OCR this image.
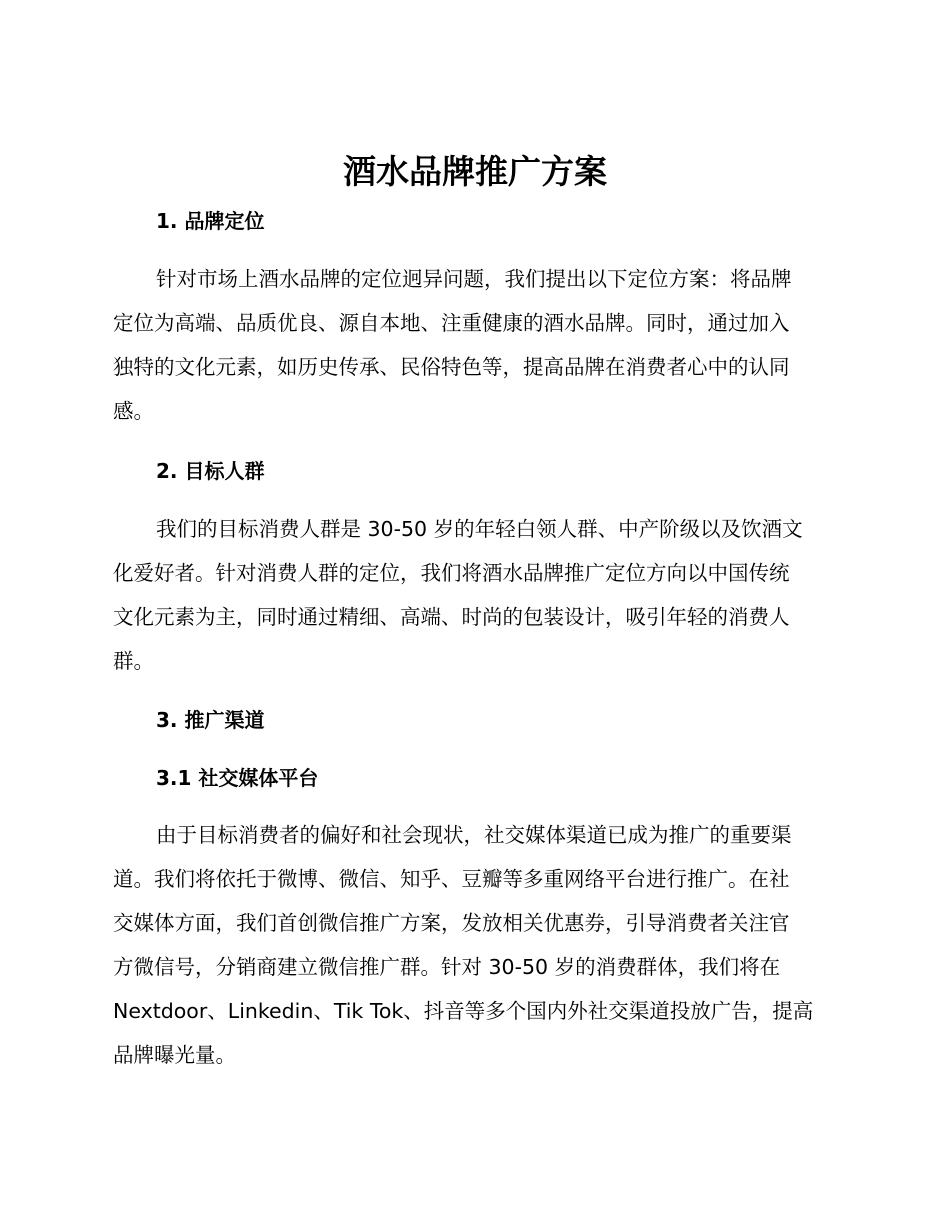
酒水品牌推广方案
1. 品牌定位
针对市场上酒水品牌的定位迥异问题，我们提出以下定位方案：将品牌
定位为高端、品质优良、源自本地、注重健康的酒水品牌。同时，通过加入
独特的文化元素，如历史传承、民俗特色等，提高品牌在消费者心中的认同
感。
2. 目标人群
我们的目标消费人群是 30-50 岁的年轻白领人群、中产阶级以及饮酒文
化爱好者。针对消费人群的定位，我们将酒水品牌推广定位方向以中国传统
文化元素为主，同时通过精细、高端、时尚的包装设计，吸引年轻的消费人
群。
3. 推广渠道
3.1 社交媒体平台
由于目标消费者的偏好和社会现状，社交媒体渠道已成为推广的重要渠
道。我们将依托于微博、微信、知乎、豆瓣等多重网络平台进行推广。在社
交媒体方面，我们首创微信推广方案，发放相关优惠券，引导消费者关注官
方微信号，分销商建立微信推广群。针对 30-50 岁的消费群体，我们将在
Nextdoor、Linkedin、Tik Tok、抖音等多个国内外社交渠道投放广告，提高
品牌曝光量。
